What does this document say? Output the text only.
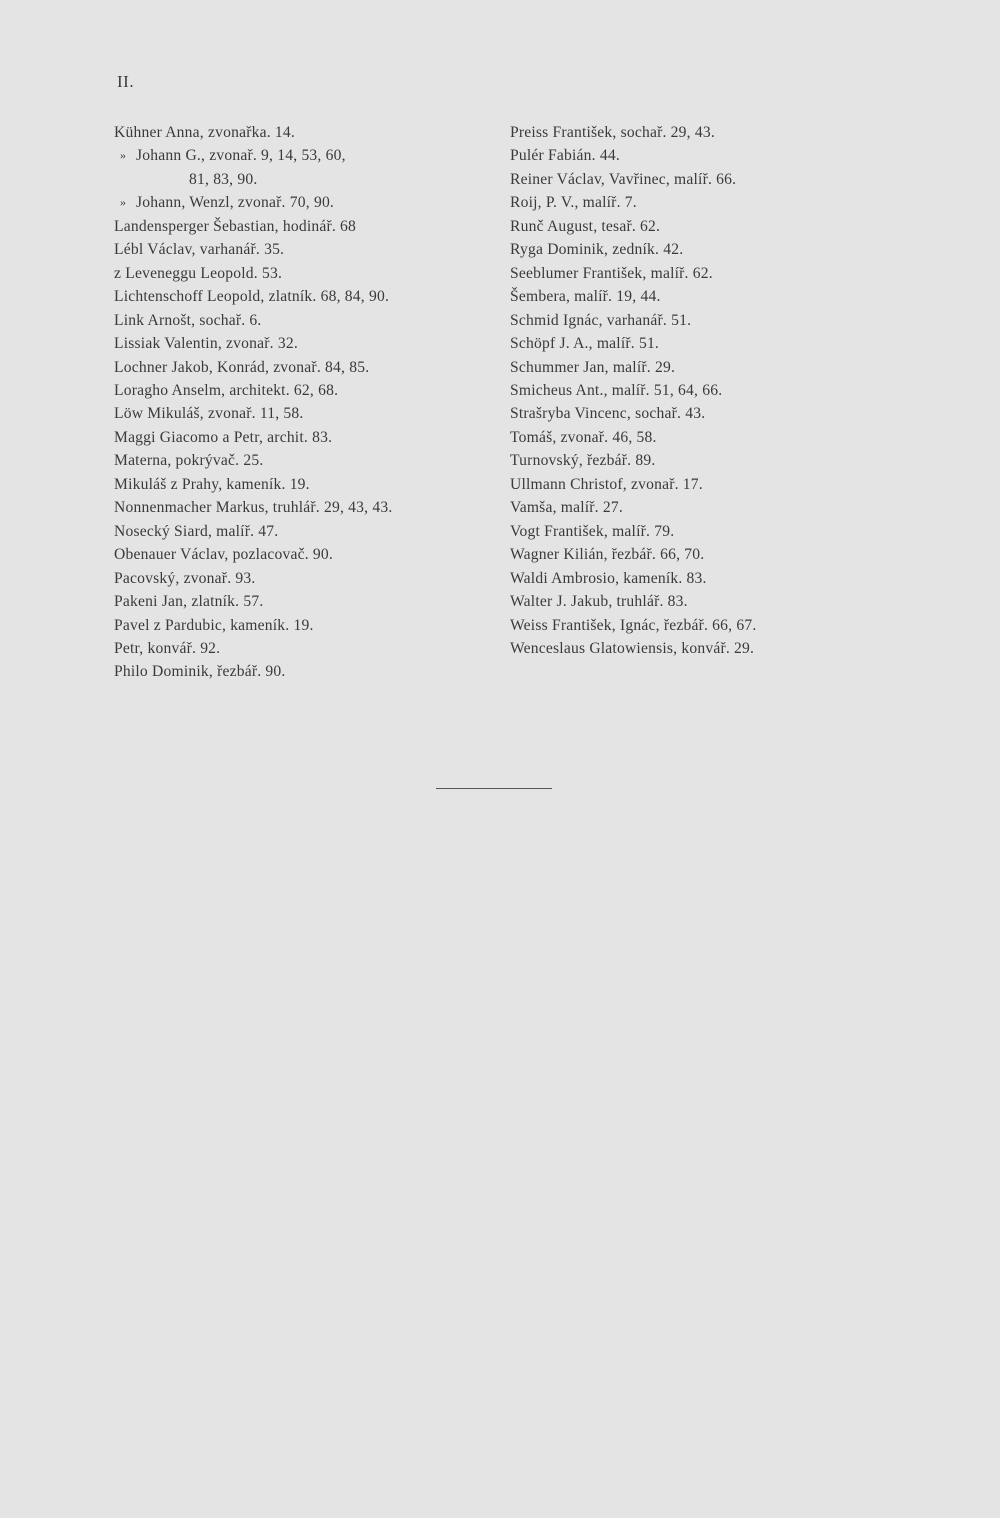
II.
Kühner Anna, zvonařka. 14.
» Johann G., zvonař. 9, 14, 53, 60,
81, 83, 90.
» Johann, Wenzl, zvonař. 70, 90.
Landensperger Šebastian, hodinář. 68
Lébl Václav, varhanář. 35.
z Leveneggu Leopold. 53.
Lichtenschoff Leopold, zlatník. 68, 84, 90.
Link Arnošt, sochař. 6.
Lissiak Valentin, zvonař. 32.
Lochner Jakob, Konrád, zvonař. 84, 85.
Loragho Anselm, architekt. 62, 68.
Löw Mikuláš, zvonař. 11, 58.
Maggi Giacomo a Petr, archit. 83.
Materna, pokrývač. 25.
Mikuláš z Prahy, kameník. 19.
Nonnenmacher Markus, truhlář. 29, 43, 43.
Nosecký Siard, malíř. 47.
Obenauer Václav, pozlacovač. 90.
Pacovský, zvonař. 93.
Pakeni Jan, zlatník. 57.
Pavel z Pardubic, kameník. 19.
Petr, konvář. 92.
Philo Dominik, řezbář. 90.
Preiss František, sochař. 29, 43.
Pulér Fabián. 44.
Reiner Václav, Vavřinec, malíř. 66.
Roij, P. V., malíř. 7.
Runč August, tesař. 62.
Ryga Dominik, zedník. 42.
Seeblumer František, malíř. 62.
Šembera, malíř. 19, 44.
Schmid Ignác, varhanář. 51.
Schöpf J. A., malíř. 51.
Schummer Jan, malíř. 29.
Smicheus Ant., malíř. 51, 64, 66.
Strašryba Vincenc, sochař. 43.
Tomáš, zvonař. 46, 58.
Turnovský, řezbář. 89.
Ullmann Christof, zvonař. 17.
Vamša, malíř. 27.
Vogt František, malíř. 79.
Wagner Kilián, řezbář. 66, 70.
Waldi Ambrosio, kameník. 83.
Walter J. Jakub, truhlář. 83.
Weiss František, Ignác, řezbář. 66, 67.
Wenceslaus Glatowiensis, konvář. 29.
